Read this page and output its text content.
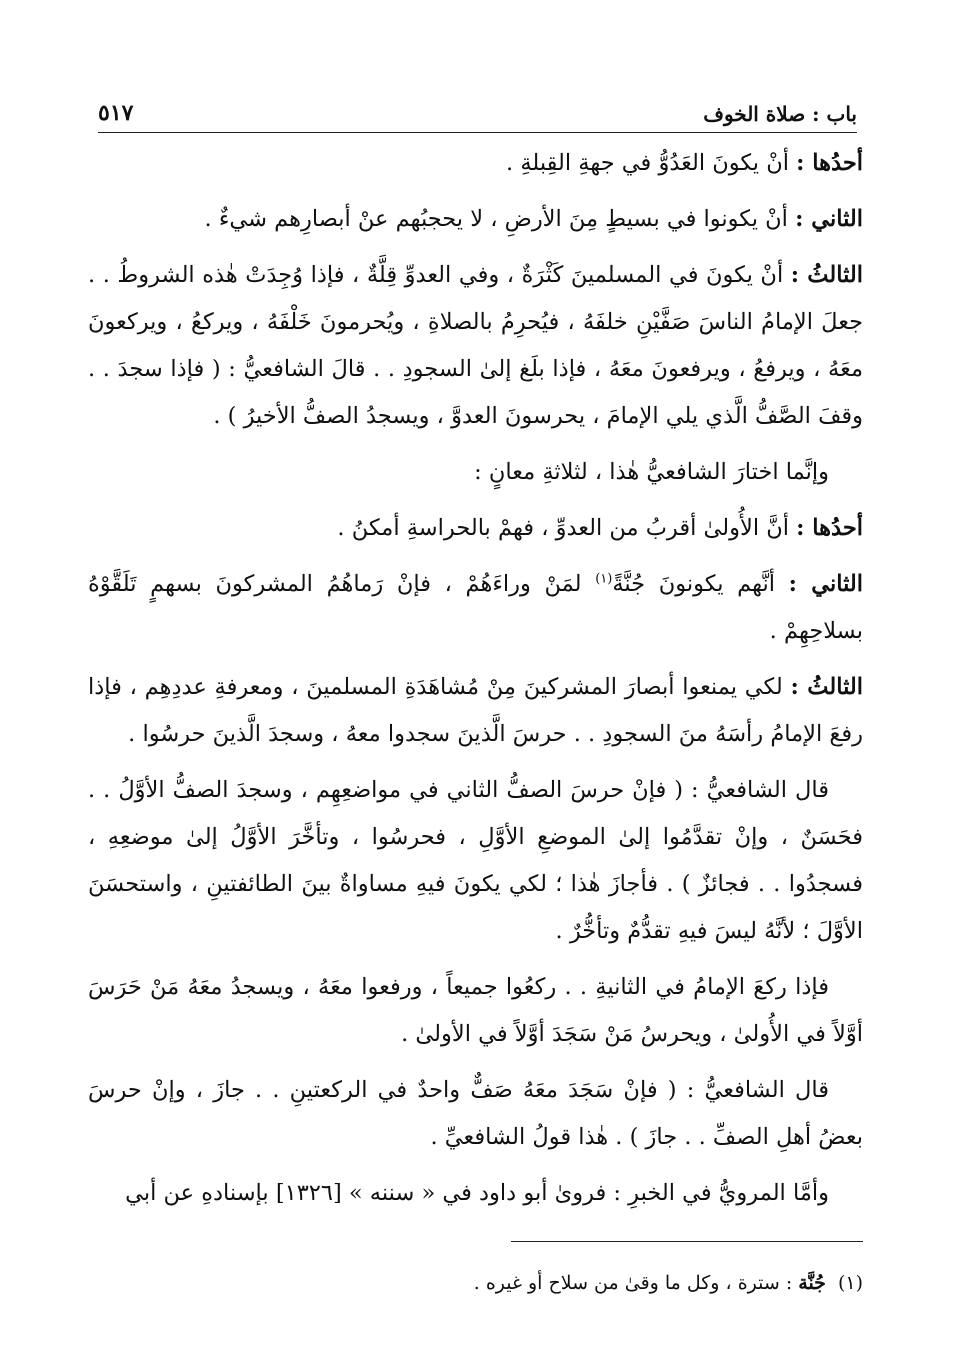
باب : صلاة الخوف
٥١٧

أحدُها : أنْ يكونَ العَدُوُّ في جهةِ القِبلةِ .

الثاني : أنْ يكونوا في بسيطٍ مِنَ الأرضِ ، لا يحجبُهم عنْ أبصارِهم شيءٌ .

الثالثُ : أنْ يكونَ في المسلمينَ كَثْرَةٌ ، وفي العدوِّ قِلَّةٌ ، فإذا وُجِدَتْ هٰذه الشروطُ . . جعلَ الإمامُ الناسَ صَفَّيْنِ خلفَهُ ، فيُحرِمُ بالصلاةِ ، ويُحرمونَ خَلْفَهُ ، ويركعُ ، ويركعونَ معَهُ ، ويرفعُ ، ويرفعونَ معَهُ ، فإذا بلَغ إلىٰ السجودِ . . قالَ الشافعيُّ : ( فإذا سجدَ . . وقفَ الصَّفُّ الَّذي يلي الإمامَ ، يحرسونَ العدوَّ ، ويسجدُ الصفُّ الأخيرُ ) .

وإنَّما اختارَ الشافعيُّ هٰذا ، لثلاثةِ معانٍ :

أحدُها : أنَّ الأُولىٰ أقربُ من العدوِّ ، فهمْ بالحراسةِ أمكنُ .

الثاني : أنَّهم يكونونَ جُنَّةً$^{(١)}$ لمَنْ وراءَهُمْ ، فإنْ رَماهُمُ المشركونَ بسهمٍ تَلَقَّوْهُ بسلاحِهِمْ .

الثالثُ : لكي يمنعوا أبصارَ المشركينَ مِنْ مُشاهَدَةِ المسلمينَ ، ومعرفةِ عددِهِم ، فإذا رفعَ الإمامُ رأسَهُ منَ السجودِ . . حرسَ الَّذينَ سجدوا معهُ ، وسجدَ الَّذينَ حرسُوا .

قال الشافعيُّ : ( فإنْ حرسَ الصفُّ الثاني في مواضعِهِم ، وسجدَ الصفُّ الأوَّلُ . . فحَسَنٌ ، وإنْ تقدَّمُوا إلىٰ الموضعِ الأوَّلِ ، فحرسُوا ، وتأخَّرَ الأوَّلُ إلىٰ موضعِهِ ، فسجدُوا . . فجائزٌ ) . فأجازَ هٰذا ؛ لكي يكونَ فيهِ مساواةٌ بينَ الطائفتينِ ، واستحسَنَ الأوَّلَ ؛ لأنَّهُ ليسَ فيهِ تقدُّمٌ وتأخُّرٌ .

فإذا ركعَ الإمامُ في الثانيةِ . . ركعُوا جميعاً ، ورفعوا معَهُ ، ويسجدُ معَهُ مَنْ حَرَسَ أوَّلاً في الأُولىٰ ، ويحرسُ مَنْ سَجَدَ أوَّلاً في الأولىٰ .

قال الشافعيُّ : ( فإنْ سَجَدَ معَهُ صَفٌّ واحدٌ في الركعتينِ . . جازَ ، وإنْ حرسَ بعضُ أهلِ الصفِّ . . جازَ ) . هٰذا قولُ الشافعيِّ .

وأمَّا المرويُّ في الخبرِ : فروىٰ أبو داود في « سننه » [١٣٢٦] بإسنادهِ عن أبي

(١)جُنَّة : سترة ، وكل ما وقىٰ من سلاح أو غيره .
